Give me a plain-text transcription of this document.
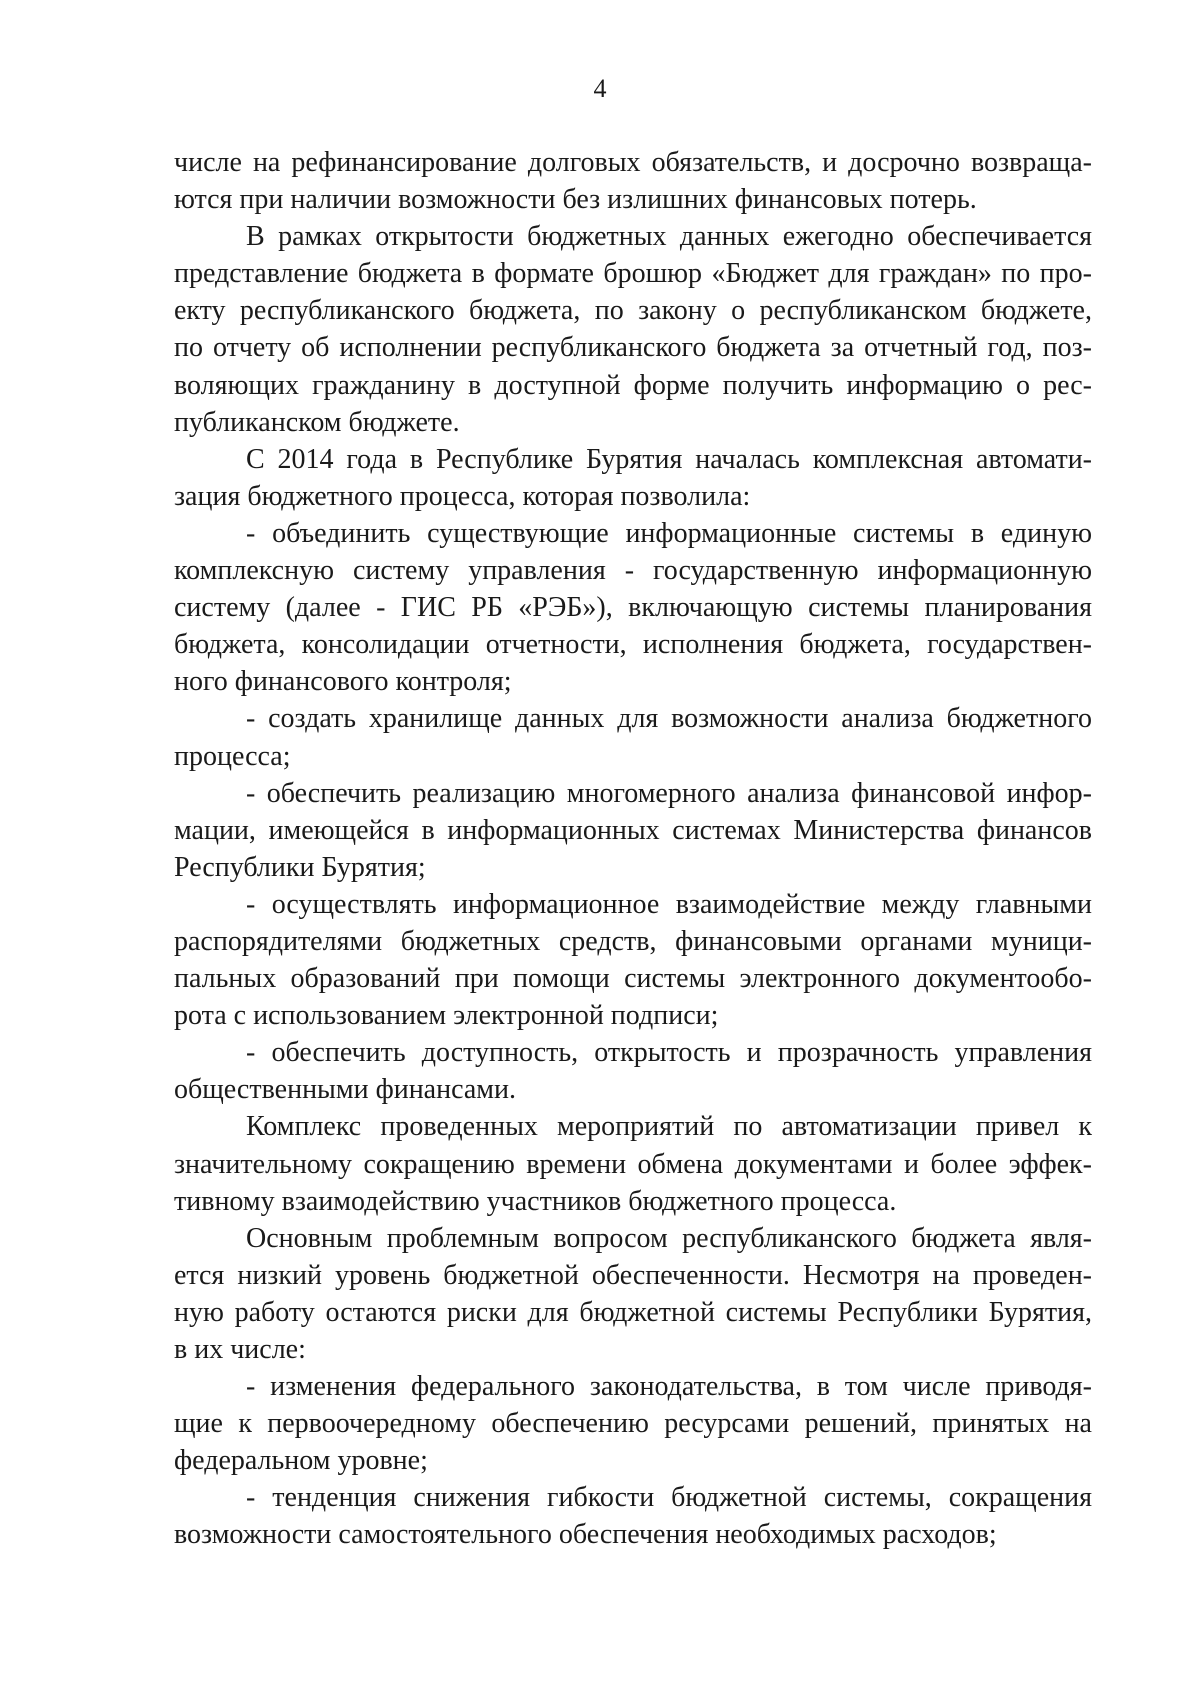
4
числе на рефинансирование долговых обязательств, и досрочно возвраща-
ются при наличии возможности без излишних финансовых потерь.
В рамках открытости бюджетных данных ежегодно обеспечивается
представление бюджета в формате брошюр «Бюджет для граждан» по про-
екту республиканского бюджета, по закону о республиканском бюджете,
по отчету об исполнении республиканского бюджета за отчетный год, поз-
воляющих гражданину в доступной форме получить информацию о рес-
публиканском бюджете.
С 2014 года в Республике Бурятия началась комплексная автомати-
зация бюджетного процесса, которая позволила:
- объединить существующие информационные системы в единую
комплексную систему управления - государственную информационную
систему (далее - ГИС РБ «РЭБ»), включающую системы планирования
бюджета, консолидации отчетности, исполнения бюджета, государствен-
ного финансового контроля;
- создать хранилище данных для возможности анализа бюджетного
процесса;
- обеспечить реализацию многомерного анализа финансовой инфор-
мации, имеющейся в информационных системах Министерства финансов
Республики Бурятия;
- осуществлять информационное взаимодействие между главными
распорядителями бюджетных средств, финансовыми органами муници-
пальных образований при помощи системы электронного документообо-
рота с использованием электронной подписи;
- обеспечить доступность, открытость и прозрачность управления
общественными финансами.
Комплекс проведенных мероприятий по автоматизации привел к
значительному сокращению времени обмена документами и более эффек-
тивному взаимодействию участников бюджетного процесса.
Основным проблемным вопросом республиканского бюджета явля-
ется низкий уровень бюджетной обеспеченности. Несмотря на проведен-
ную работу остаются риски для бюджетной системы Республики Бурятия,
в их числе:
- изменения федерального законодательства, в том числе приводя-
щие к первоочередному обеспечению ресурсами решений, принятых на
федеральном уровне;
- тенденция снижения гибкости бюджетной системы, сокращения
возможности самостоятельного обеспечения необходимых расходов;
